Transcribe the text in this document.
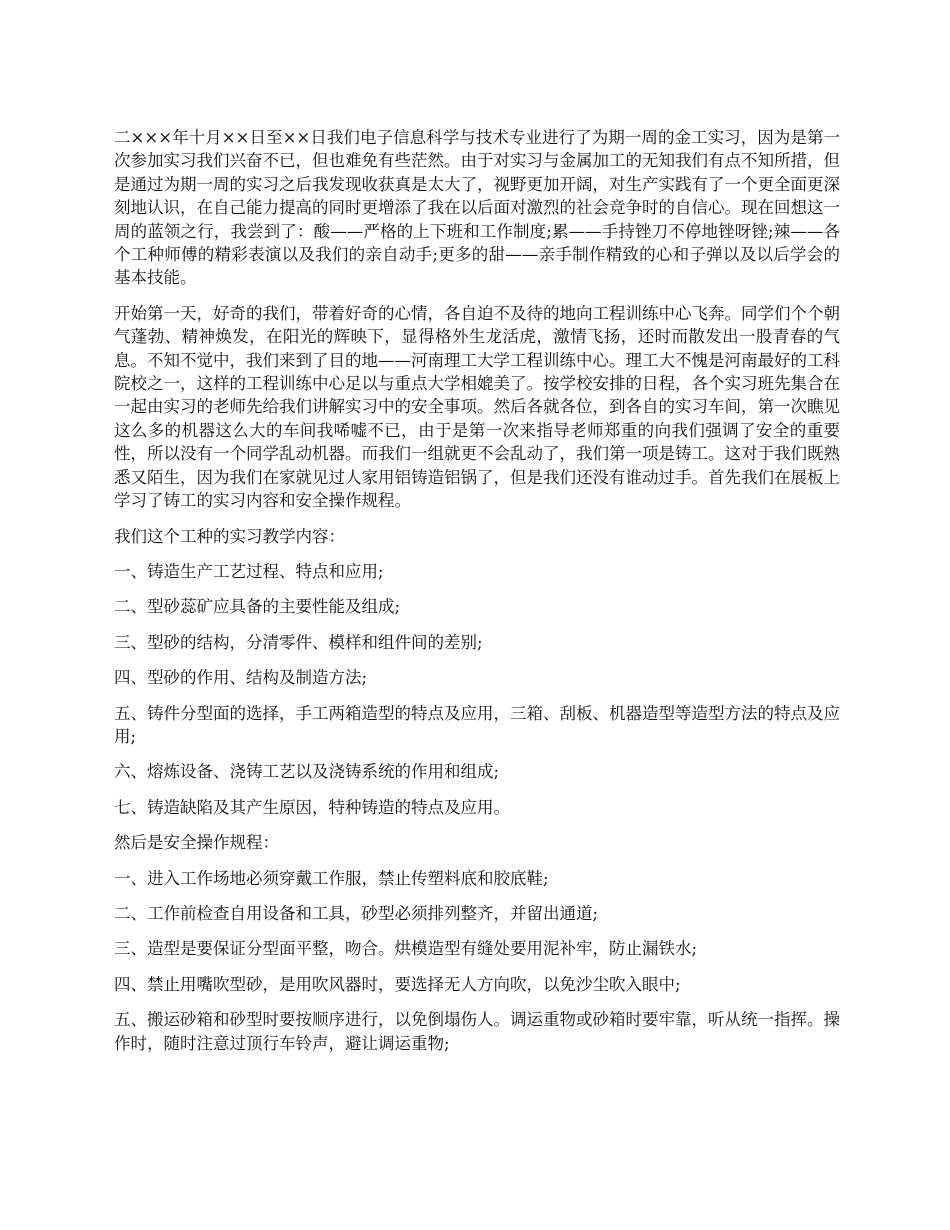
二×××年十月××日至××日我们电子信息科学与技术专业进行了为期一周的金工实习，因为是第一次参加实习我们兴奋不已，但也难免有些茫然。由于对实习与金属加工的无知我们有点不知所措，但是通过为期一周的实习之后我发现收获真是太大了，视野更加开阔，对生产实践有了一个更全面更深刻地认识，在自己能力提高的同时更增添了我在以后面对激烈的社会竞争时的自信心。现在回想这一周的蓝领之行，我尝到了：酸——严格的上下班和工作制度;累——手持锉刀不停地锉呀锉;辣——各个工种师傅的精彩表演以及我们的亲自动手;更多的甜——亲手制作精致的心和子弹以及以后学会的基本技能。

开始第一天，好奇的我们，带着好奇的心情，各自迫不及待的地向工程训练中心飞奔。同学们个个朝气蓬勃、精神焕发，在阳光的辉映下，显得格外生龙活虎，激情飞扬，还时而散发出一股青春的气息。不知不觉中，我们来到了目的地——河南理工大学工程训练中心。理工大不愧是河南最好的工科院校之一，这样的工程训练中心足以与重点大学相媲美了。按学校安排的日程，各个实习班先集合在一起由实习的老师先给我们讲解实习中的安全事项。然后各就各位，到各自的实习车间，第一次瞧见这么多的机器这么大的车间我唏嘘不已，由于是第一次来指导老师郑重的向我们强调了安全的重要性，所以没有一个同学乱动机器。而我们一组就更不会乱动了，我们第一项是铸工。这对于我们既熟悉又陌生，因为我们在家就见过人家用铝铸造铝锅了，但是我们还没有谁动过手。首先我们在展板上学习了铸工的实习内容和安全操作规程。

我们这个工种的实习教学内容：

一、铸造生产工艺过程、特点和应用;

二、型砂蕊矿应具备的主要性能及组成;

三、型砂的结构，分清零件、模样和组件间的差别;

四、型砂的作用、结构及制造方法;

五、铸件分型面的选择，手工两箱造型的特点及应用，三箱、刮板、机器造型等造型方法的特点及应用;

六、熔炼设备、浇铸工艺以及浇铸系统的作用和组成;

七、铸造缺陷及其产生原因，特种铸造的特点及应用。

然后是安全操作规程：

一、进入工作场地必须穿戴工作服，禁止传塑料底和胶底鞋;

二、工作前检查自用设备和工具，砂型必须排列整齐，并留出通道;

三、造型是要保证分型面平整，吻合。烘模造型有缝处要用泥补牢，防止漏铁水;

四、禁止用嘴吹型砂，是用吹风器时，要选择无人方向吹，以免沙尘吹入眼中;

五、搬运砂箱和砂型时要按顺序进行，以免倒塌伤人。调运重物或砂箱时要牢靠，听从统一指挥。操作时，随时注意过顶行车铃声，避让调运重物;
